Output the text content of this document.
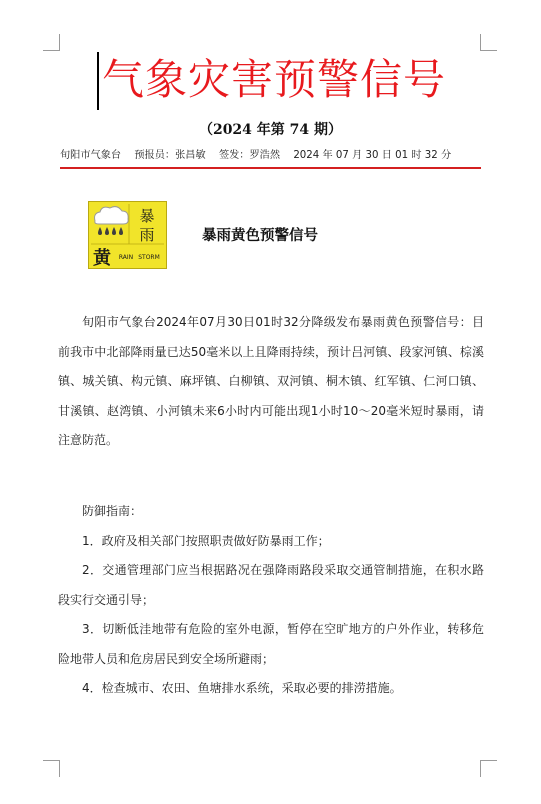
气象灾害预警信号
（2024 年第 74 期）
旬阳市气象台 预报员：张昌敏 签发：罗浩然 2024 年 07 月 30 日 01 时 32 分
暴
雨
黄 RAIN STORM
暴雨黄色预警信号

旬阳市气象台2024年07月30日01时32分降级发布暴雨黄色预警信号：目前我市中北部降雨量已达50毫米以上且降雨持续，预计吕河镇、段家河镇、棕溪镇、城关镇、构元镇、麻坪镇、白柳镇、双河镇、桐木镇、红军镇、仁河口镇、甘溪镇、赵湾镇、小河镇未来6小时内可能出现1小时10～20毫米短时暴雨，请注意防范。

防御指南：

1．政府及相关部门按照职责做好防暴雨工作；

2．交通管理部门应当根据路况在强降雨路段采取交通管制措施，在积水路段实行交通引导；

3．切断低洼地带有危险的室外电源，暂停在空旷地方的户外作业，转移危险地带人员和危房居民到安全场所避雨；

4．检查城市、农田、鱼塘排水系统，采取必要的排涝措施。
